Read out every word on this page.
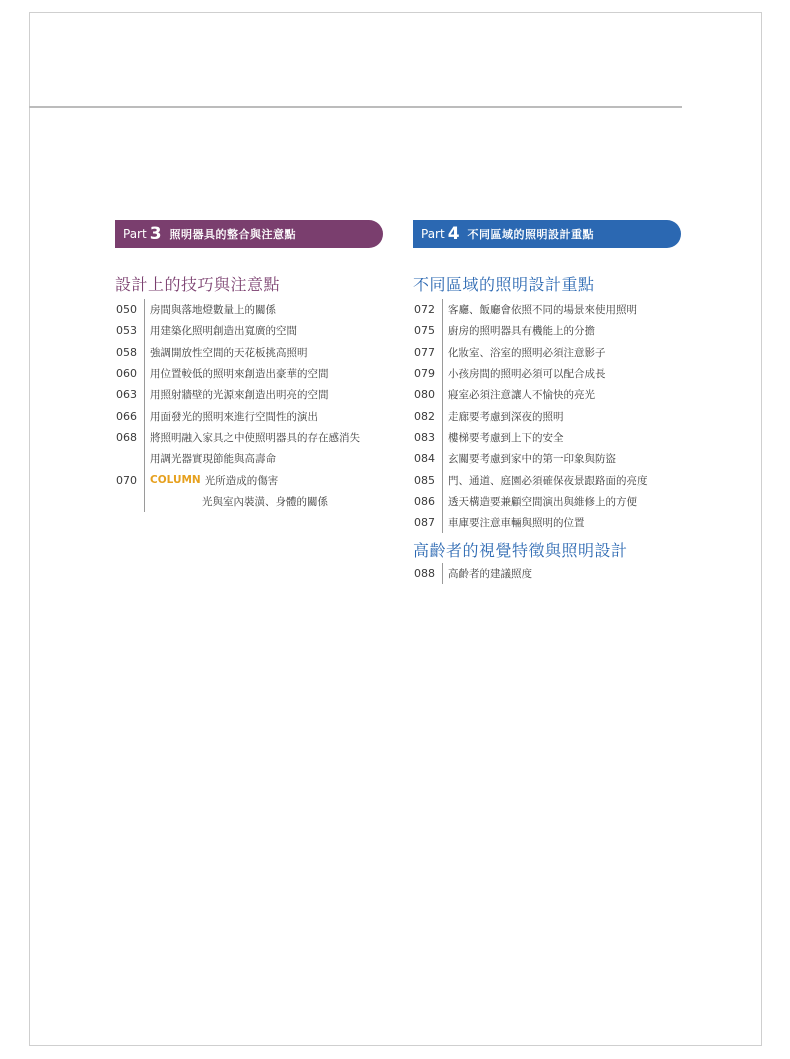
Part 3 照明器具的整合與注意點
設計上的技巧與注意點
050	房間與落地燈數量上的關係
053	用建築化照明創造出寬廣的空間
058	強調開放性空間的天花板挑高照明
060	用位置較低的照明來創造出豪華的空間
063	用照射牆壁的光源來創造出明亮的空間
066	用面發光的照明來進行空間性的演出
068	將照明融入家具之中使照明器具的存在感消失
用調光器實現節能與高壽命
070	COLUMN 光所造成的傷害
光與室內裝潢、身體的關係
Part 4 不同區域的照明設計重點
不同區域的照明設計重點
072	客廳、飯廳會依照不同的場景來使用照明
075	廚房的照明器具有機能上的分擔
077	化妝室、浴室的照明必須注意影子
079	小孩房間的照明必須可以配合成長
080	寢室必須注意讓人不愉快的亮光
082	走廊要考慮到深夜的照明
083	樓梯要考慮到上下的安全
084	玄關要考慮到家中的第一印象與防盜
085	門、通道、庭園必須確保夜景跟路面的亮度
086	透天構造要兼顧空間演出與維修上的方便
087	車庫要注意車輛與照明的位置
高齡者的視覺特徵與照明設計
088	高齡者的建議照度
